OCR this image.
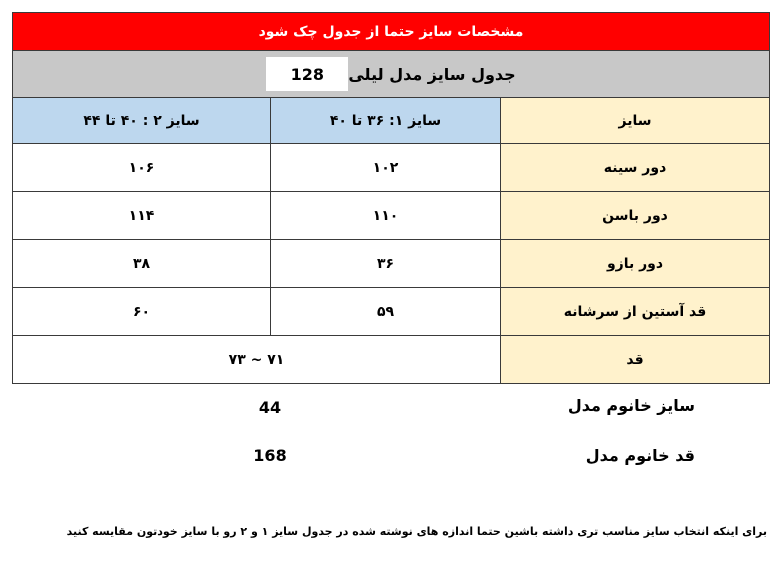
مشخصات سایز حتما از جدول چک شود		

جدول سایز مدل لیلی
128		

سایز ۲ : ۴۰ تا ۴۴	سایز ۱: ۳۶ تا ۴۰	سایز
۱۰۶	۱۰۲	دور سینه
۱۱۴	۱۱۰	دور باسن
۳۸	۳۶	دور بازو
۶۰	۵۹	قد آستین از سرشانه
۷۱ ~ ۷۳		قد
سایز خانوم مدل
44
قد خانوم مدل
168
برای اینکه انتخاب سایز مناسب تری داشته باشین حتما اندازه های نوشته شده در جدول سایز ۱ و ۲ رو با سایز خودتون مقایسه کنید
